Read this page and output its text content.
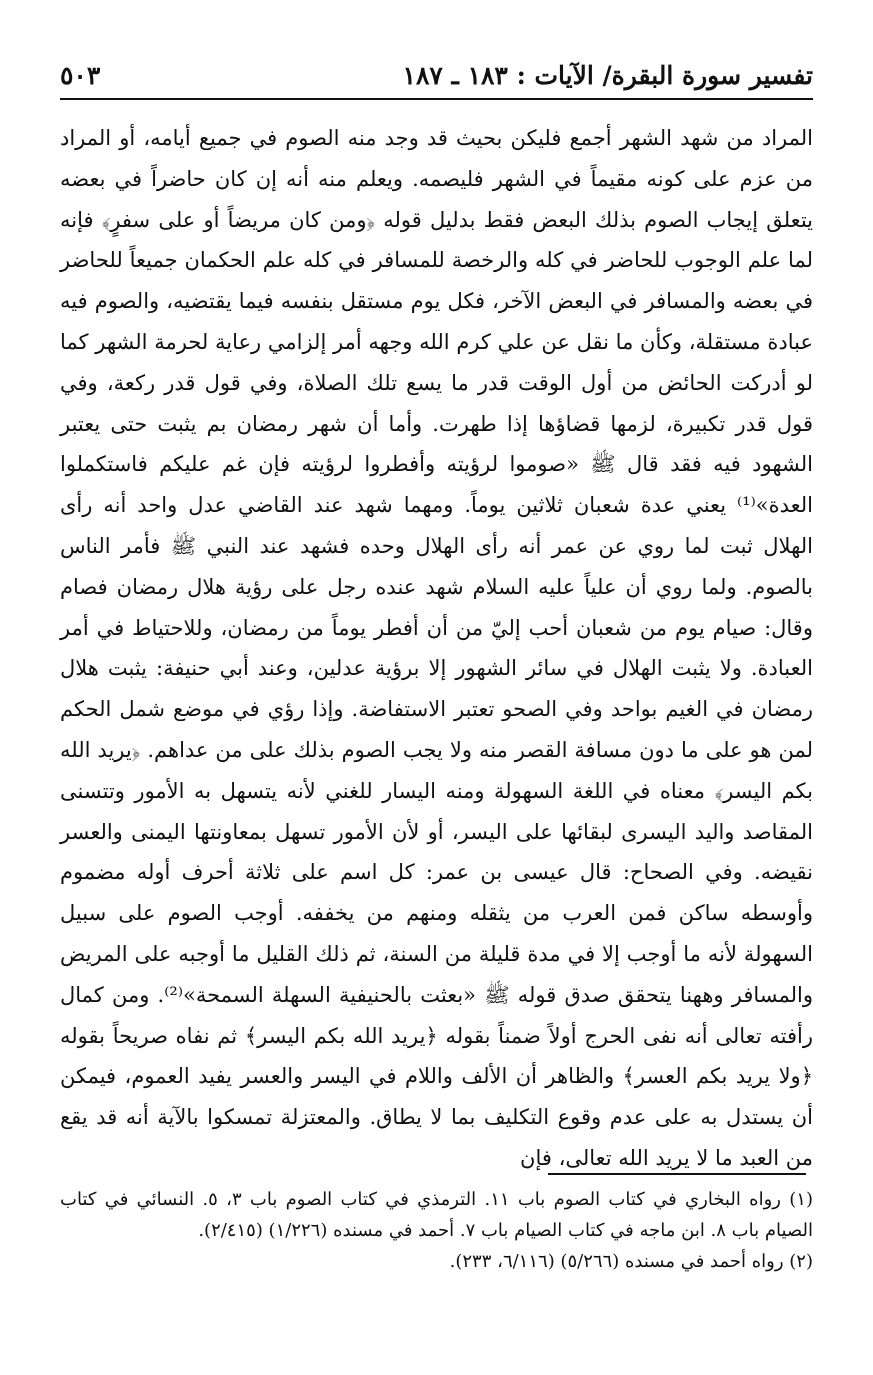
تفسير سورة البقرة/ الآيات : ١٨٣ ـ ١٨٧
٥٠٣

المراد من شهد الشهر أجمع فليكن بحيث قد وجد منه الصوم في جميع أيامه، أو المراد من عزم على كونه مقيماً في الشهر فليصمه. ويعلم منه أنه إن كان حاضراً في بعضه يتعلق إيجاب الصوم بذلك البعض فقط بدليل قوله ﴿ومن كان مريضاً أو على سفرٍ﴾ فإنه لما علم الوجوب للحاضر في كله والرخصة للمسافر في كله علم الحكمان جميعاً للحاضر في بعضه والمسافر في البعض الآخر، فكل يوم مستقل بنفسه فيما يقتضيه، والصوم فيه عبادة مستقلة، وكأن ما نقل عن علي كرم الله وجهه أمر إلزامي رعاية لحرمة الشهر كما لو أدركت الحائض من أول الوقت قدر ما يسع تلك الصلاة، وفي قول قدر ركعة، وفي قول قدر تكبيرة، لزمها قضاؤها إذا طهرت. وأما أن شهر رمضان بم يثبت حتى يعتبر الشهود فيه فقد قال ﷺ «صوموا لرؤيته وأفطروا لرؤيته فإن غم عليكم فاستكملوا العدة»⁽¹⁾ يعني عدة شعبان ثلاثين يوماً. ومهما شهد عند القاضي عدل واحد أنه رأى الهلال ثبت لما روي عن عمر أنه رأى الهلال وحده فشهد عند النبي ﷺ فأمر الناس بالصوم. ولما روي أن علياً عليه السلام شهد عنده رجل على رؤية هلال رمضان فصام وقال: صيام يوم من شعبان أحب إليّ من أن أفطر يوماً من رمضان، وللاحتياط في أمر العبادة. ولا يثبت الهلال في سائر الشهور إلا برؤية عدلين، وعند أبي حنيفة: يثبت هلال رمضان في الغيم بواحد وفي الصحو تعتبر الاستفاضة. وإذا رؤي في موضع شمل الحكم لمن هو على ما دون مسافة القصر منه ولا يجب الصوم بذلك على من عداهم. ﴿يريد الله بكم اليسر﴾ معناه في اللغة السهولة ومنه اليسار للغني لأنه يتسهل به الأمور وتتسنى المقاصد واليد اليسرى لبقائها على اليسر، أو لأن الأمور تسهل بمعاونتها اليمنى والعسر نقيضه. وفي الصحاح: قال عيسى بن عمر: كل اسم على ثلاثة أحرف أوله مضموم وأوسطه ساكن فمن العرب من يثقله ومنهم من يخففه. أوجب الصوم على سبيل السهولة لأنه ما أوجب إلا في مدة قليلة من السنة، ثم ذلك القليل ما أوجبه على المريض والمسافر وههنا يتحقق صدق قوله ﷺ «بعثت بالحنيفية السهلة السمحة»⁽²⁾. ومن كمال رأفته تعالى أنه نفى الحرج أولاً ضمناً بقوله ﴿يريد الله بكم اليسر﴾ ثم نفاه صريحاً بقوله ﴿ولا يريد بكم العسر﴾ والظاهر أن الألف واللام في اليسر والعسر يفيد العموم، فيمكن أن يستدل به على عدم وقوع التكليف بما لا يطاق. والمعتزلة تمسكوا بالآية أنه قد يقع من العبد ما لا يريد الله تعالى، فإن

(١) رواه البخاري في كتاب الصوم باب ١١. الترمذي في كتاب الصوم باب ٣، ٥. النسائي في كتاب الصيام باب ٨. ابن ماجه في كتاب الصيام باب ٧. أحمد في مسنده (١/٢٢٦) (٢/٤١٥).

(٢) رواه أحمد في مسنده (٥/٢٦٦) (٦/١١٦، ٢٣٣).
